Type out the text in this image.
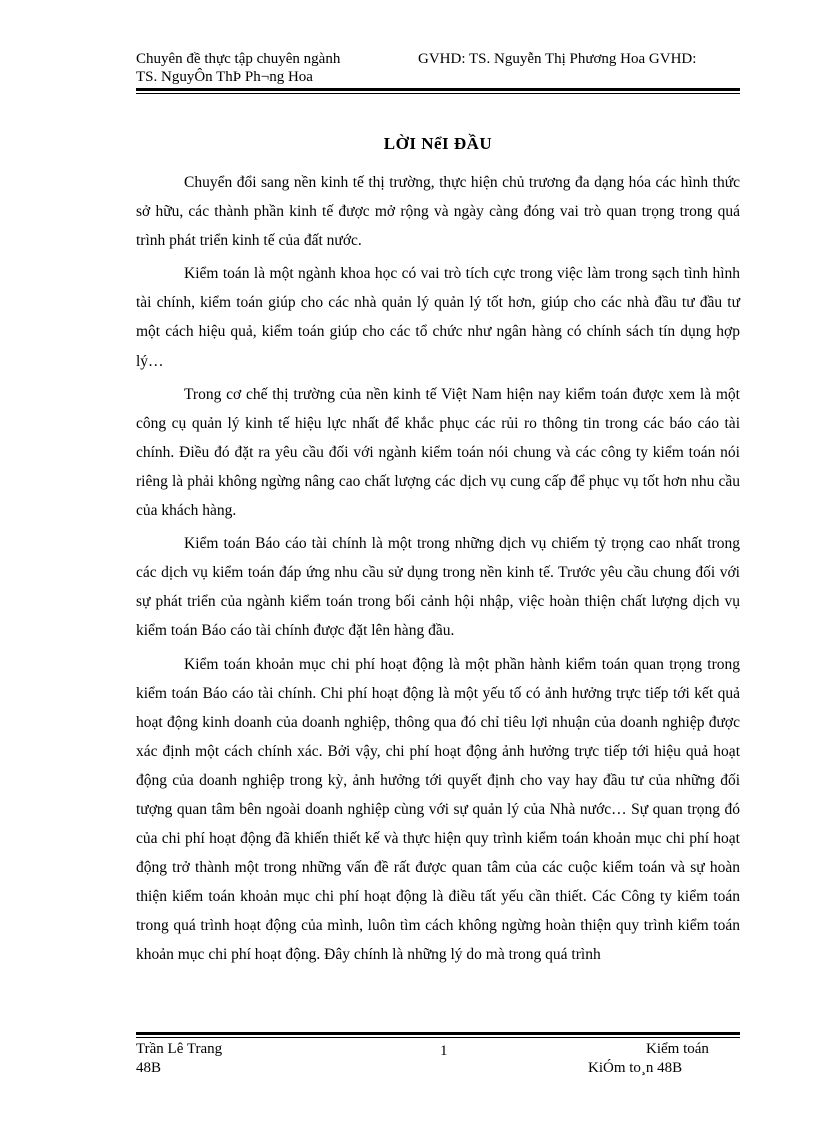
Chuyên đề thực tập chuyên ngành	GVHD: TS. Nguyễn Thị Phương Hoa GVHD:
TS. NguyÔn ThÞ Ph¬ng Hoa
LỜI NểI ĐẦU

Chuyển đổi sang nền kinh tế thị trường, thực hiện chủ trương đa dạng hóa các hình thức sở hữu, các thành phần kinh tế được mở rộng và ngày càng đóng vai trò quan trọng trong quá trình phát triển kinh tế của đất nước.

Kiểm toán là một ngành khoa học có vai trò tích cực trong việc làm trong sạch tình hình tài chính, kiểm toán giúp cho các nhà quản lý quản lý tốt hơn, giúp cho các nhà đầu tư đầu tư một cách hiệu quả, kiểm toán giúp cho các tổ chức như ngân hàng có chính sách tín dụng hợp lý…

Trong cơ chế thị trường của nền kinh tế Việt Nam hiện nay kiểm toán được xem là một công cụ quản lý kinh tế hiệu lực nhất để khắc phục các rủi ro thông tin trong các báo cáo tài chính. Điều đó đặt ra yêu cầu đối với ngành kiểm toán nói chung và các công ty kiểm toán nói riêng là phải không ngừng nâng cao chất lượng các dịch vụ cung cấp để phục vụ tốt hơn nhu cầu của khách hàng.

Kiểm toán Báo cáo tài chính là một trong những dịch vụ chiếm tỷ trọng cao nhất trong các dịch vụ kiểm toán đáp ứng nhu cầu sử dụng trong nền kinh tế. Trước yêu cầu chung đối với sự phát triển của ngành kiểm toán trong bối cảnh hội nhập, việc hoàn thiện chất lượng dịch vụ kiểm toán Báo cáo tài chính được đặt lên hàng đầu.

Kiểm toán khoản mục chi phí hoạt động là một phần hành kiểm toán quan trọng trong kiểm toán Báo cáo tài chính. Chi phí hoạt động là một yếu tố có ảnh hưởng trực tiếp tới kết quả hoạt động kinh doanh của doanh nghiệp, thông qua đó chỉ tiêu lợi nhuận của doanh nghiệp được xác định một cách chính xác. Bởi vậy, chi phí hoạt động ảnh hưởng trực tiếp tới hiệu quả hoạt động của doanh nghiệp trong kỳ, ảnh hưởng tới quyết định cho vay hay đầu tư của những đối tượng quan tâm bên ngoài doanh nghiệp cùng với sự quản lý của Nhà nước… Sự quan trọng đó của chi phí hoạt động đã khiến thiết kế và thực hiện quy trình kiểm toán khoản mục chi phí hoạt động trở thành một trong những vấn đề rất được quan tâm của các cuộc kiểm toán và sự hoàn thiện kiểm toán khoản mục chi phí hoạt động là điều tất yếu cần thiết. Các Công ty kiểm toán trong quá trình hoạt động của mình, luôn tìm cách không ngừng hoàn thiện quy trình kiểm toán khoản mục chi phí hoạt động. Đây chính là những lý do mà trong quá trình

Trần Lê Trang	1	Kiểm toán
48B	KiÓm to¸n 48B
